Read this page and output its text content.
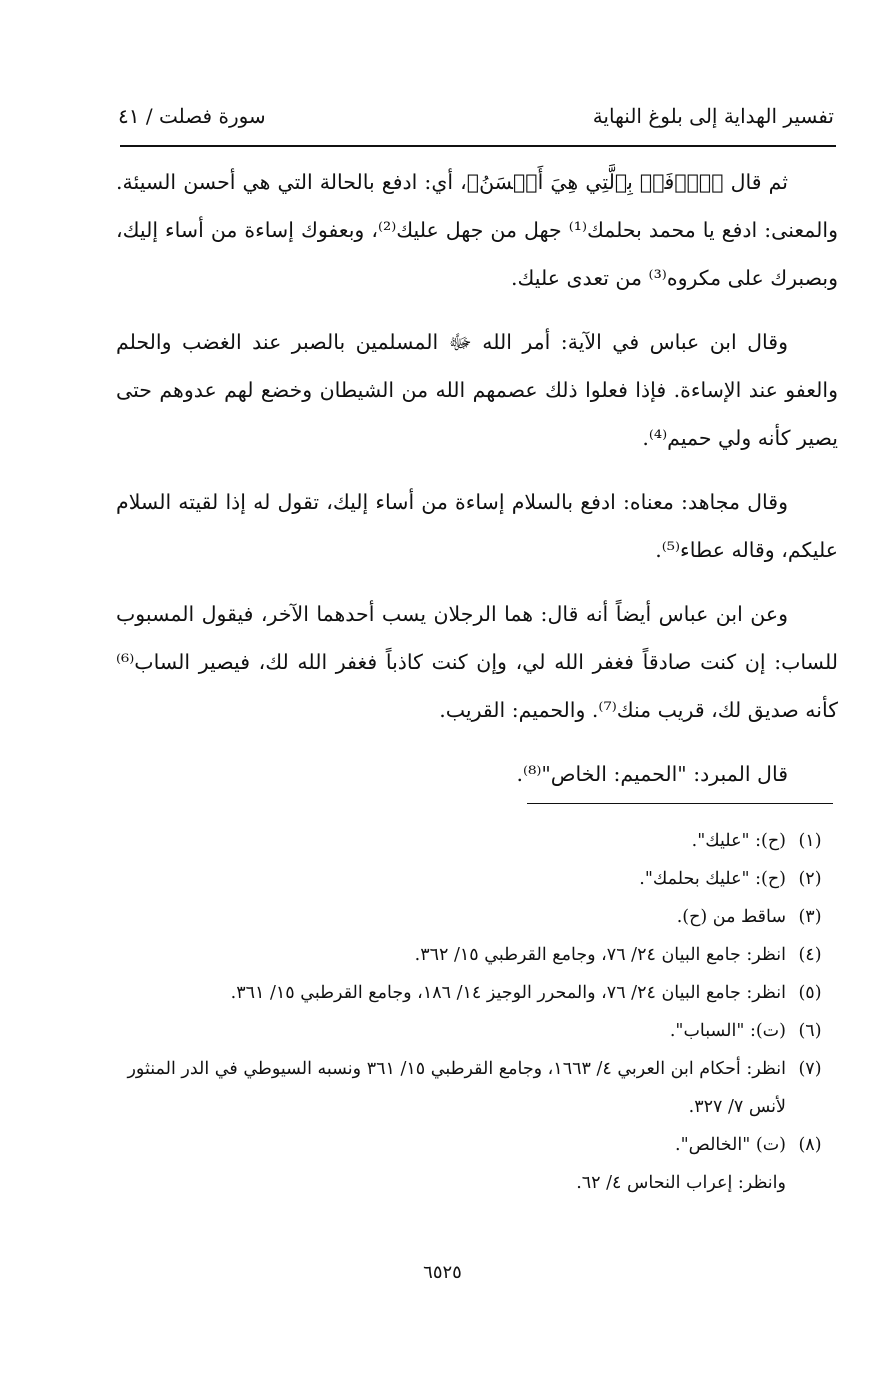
تفسير الهداية إلى بلوغ النهاية
سورة فصلت / ٤١

ثم قال ﴿ٱدۡفَعۡ بِٱلَّتِي هِيَ أَحۡسَنُ﴾، أي: ادفع بالحالة التي هي أحسن السيئة. والمعنى: ادفع يا محمد بحلمك⁽¹⁾ جهل من جهل عليك⁽²⁾، وبعفوك إساءة من أساء إليك، وبصبرك على مكروه⁽³⁾ من تعدى عليك.

وقال ابن عباس في الآية: أمر الله ﷻ المسلمين بالصبر عند الغضب والحلم والعفو عند الإساءة. فإذا فعلوا ذلك عصمهم الله من الشيطان وخضع لهم عدوهم حتى يصير كأنه ولي حميم⁽⁴⁾.

وقال مجاهد: معناه: ادفع بالسلام إساءة من أساء إليك، تقول له إذا لقيته السلام عليكم، وقاله عطاء⁽⁵⁾.

وعن ابن عباس أيضاً أنه قال: هما الرجلان يسب أحدهما الآخر، فيقول المسبوب للساب: إن كنت صادقاً فغفر الله لي، وإن كنت كاذباً فغفر الله لك، فيصير الساب⁽⁶⁾ كأنه صديق لك، قريب منك⁽⁷⁾. والحميم: القريب.

قال المبرد: "الحميم: الخاص"⁽⁸⁾.

(١)
(ح): "عليك".
(٢)
(ح): "عليك بحلمك".
(٣)
ساقط من (ح).
(٤)
انظر: جامع البيان ٢٤/ ٧٦، وجامع القرطبي ١٥/ ٣٦٢.
(٥)
انظر: جامع البيان ٢٤/ ٧٦، والمحرر الوجيز ١٤/ ١٨٦، وجامع القرطبي ١٥/ ٣٦١.
(٦)
(ت): "السباب".
(٧)
انظر: أحكام ابن العربي ٤/ ١٦٦٣، وجامع القرطبي ١٥/ ٣٦١ ونسبه السيوطي في الدر المنثور لأنس ٧/ ٣٢٧.
(٨)
(ت) "الخالص".
وانظر: إعراب النحاس ٤/ ٦٢.
٦٥٢٥
